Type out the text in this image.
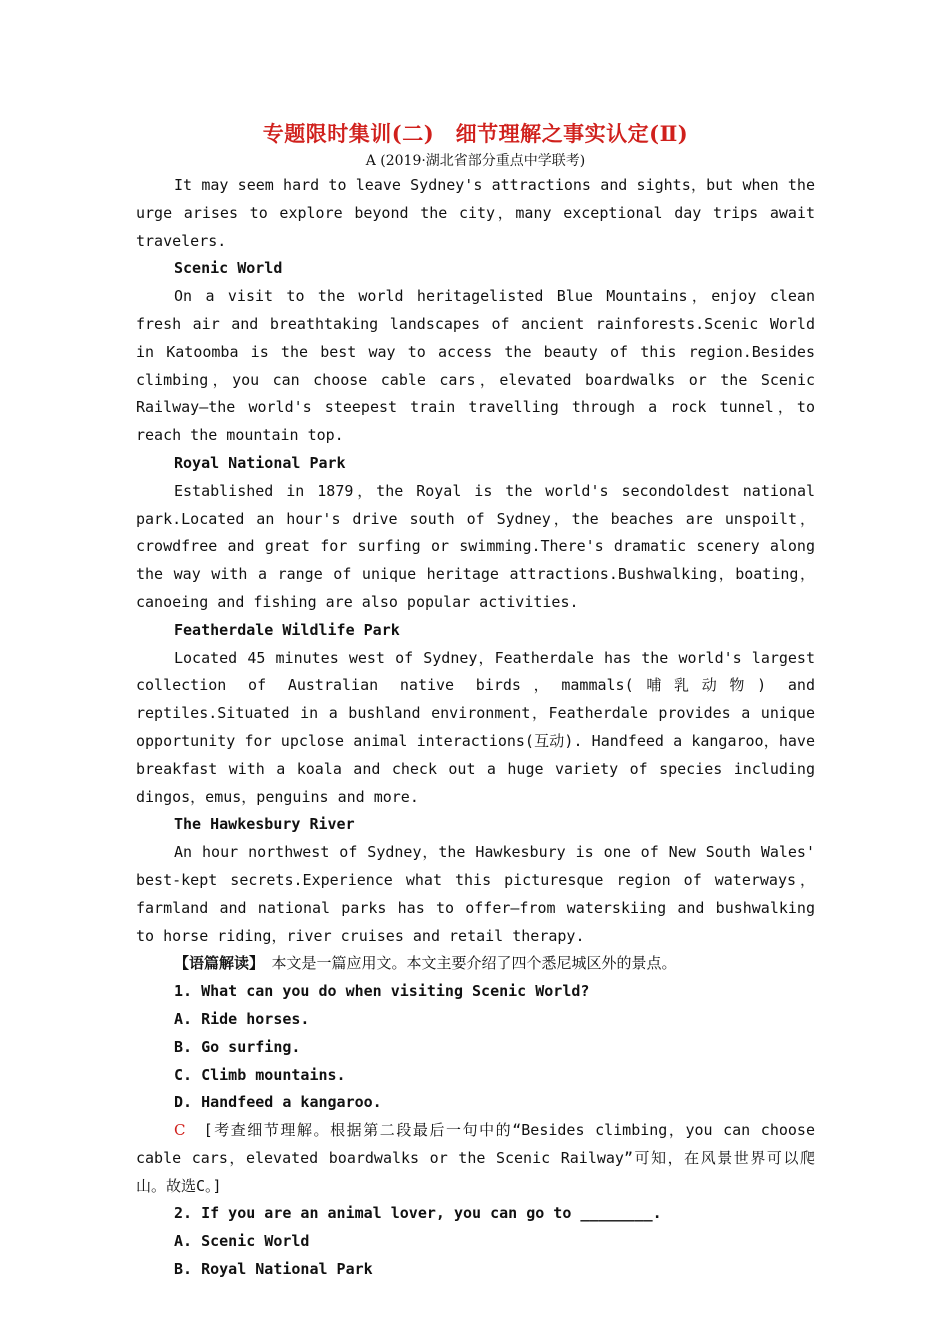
专题限时集训(二)　细节理解之事实认定(Ⅱ)
A (2019·湖北省部分重点中学联考)

It may seem hard to leave Sydney's attractions and sights，but when the urge arises to explore beyond the city，many exceptional day trips await travelers.

Scenic World

On a visit to the world heritagelisted Blue Mountains，enjoy clean fresh air and breathtaking landscapes of ancient rainforests.Scenic World in Katoomba is the best way to access the beauty of this region.Besides climbing，you can choose cable cars，elevated boardwalks or the Scenic Railway—the world's steepest train travelling through a rock tunnel，to reach the mountain top.

Royal National Park

Established in 1879，the Royal is the world's secondoldest national park.Located an hour's drive south of Sydney，the beaches are unspoilt，crowdfree and great for surfing or swimming.There's dramatic scenery along the way with a range of unique heritage attractions.Bushwalking，boating，canoeing and fishing are also popular activities.

Featherdale Wildlife Park

Located 45 minutes west of Sydney，Featherdale has the world's largest collection of Australian native birds，mammals(哺乳动物) and reptiles.Situated in a bushland environment，Featherdale provides a unique opportunity for upclose animal interactions(互动). Handfeed a kangaroo，have breakfast with a koala and check out a huge variety of species including dingos，emus，penguins and more.

The Hawkesbury River

An hour northwest of Sydney，the Hawkesbury is one of New South Wales' best-kept secrets.Experience what this picturesque region of waterways，farmland and national parks has to offer—from waterskiing and bushwalking to horse riding，river cruises and retail therapy.

【语篇解读】　本文是一篇应用文。本文主要介绍了四个悉尼城区外的景点。

1. What can you do when visiting Scenic World?

A. Ride horses.

B. Go surfing.

C. Climb mountains.

D. Handfeed a kangaroo.

C　[考查细节理解。根据第二段最后一句中的“Besides climbing，you can choose cable cars，elevated boardwalks or the Scenic Railway”可知，在风景世界可以爬山。故选C。]

2. If you are an animal lover, you can go to ________.

A. Scenic World

B. Royal National Park
